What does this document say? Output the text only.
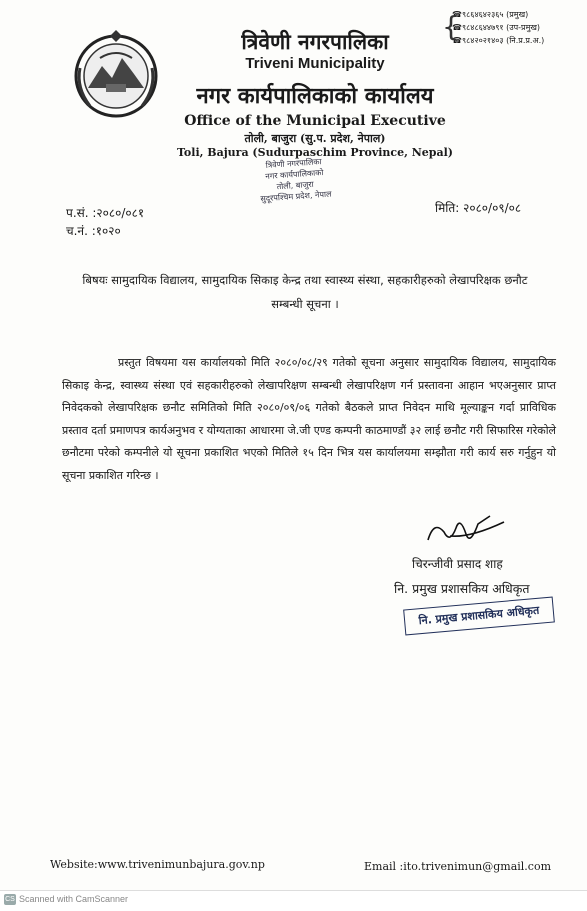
त्रिवेणी नगरपालिका
Triveni Municipality
नगर कार्यपालिकाको कार्यालय
Office of the Municipal Executive
तोली, बाजुरा (सु.प. प्रदेश, नेपाल)
Toli, Bajura (Sudurpaschim Province, Nepal)
{
☎९८६४६४२३६५ (प्रमुख)
☎९८४८६४४७९१ (उप-प्रमुख)
☎९८४२०२१४०३ (नि.प्र.प्र.अ.)
त्रिवेणी नगरपालिका
नगर कार्यपालिकाको
तोली, बाजुरा
सुदूरपश्चिम प्रदेश, नेपाल
प.सं. :२०८०/०८१
च.नं. :१०२०
मिति: २०८०/०९/०८
बिषयः सामुदायिक विद्यालय, सामुदायिक सिकाइ केन्द्र तथा स्वास्थ्य संस्था, सहकारीहरुको लेखापरिक्षक छनौट सम्बन्धी सूचना ।
प्रस्तुत विषयमा यस कार्यालयको मिति २०८०/०८/२९ गतेको सूचना अनुसार सामुदायिक विद्यालय, सामुदायिक सिकाइ केन्द्र, स्वास्थ्य संस्था एवं सहकारीहरुको लेखापरिक्षण सम्बन्धी लेखापरिक्षण गर्न प्रस्तावना आहान भएअनुसार प्राप्त निवेदकको लेखापरिक्षक छनौट समितिको मिति २०८०/०९/०६ गतेको बैठकले प्राप्त निवेदन माथि मूल्याङ्कन गर्दा प्राविधिक प्रस्ताव दर्ता प्रमाणपत्र कार्यअनुभव र योग्यताका आधारमा जे.जी एण्ड कम्पनी काठमाण्डौं ३२ लाई छनौट गरी सिफारिस गरेकोले छनौटमा परेको कम्पनीले यो सूचना प्रकाशित भएको मितिले १५ दिन भित्र यस कार्यालयमा सम्झौता गरी कार्य सरु गर्नुहुन यो सूचना प्रकाशित गरिन्छ ।
चिरन्जीवी प्रसाद शाह
नि. प्रमुख प्रशासकिय अधिकृत
नि. प्रमुख प्रशासकिय अधिकृत
Website:www.trivenimunbajura.gov.np	Email :ito.trivenimun@gmail.com
CS Scanned with CamScanner
